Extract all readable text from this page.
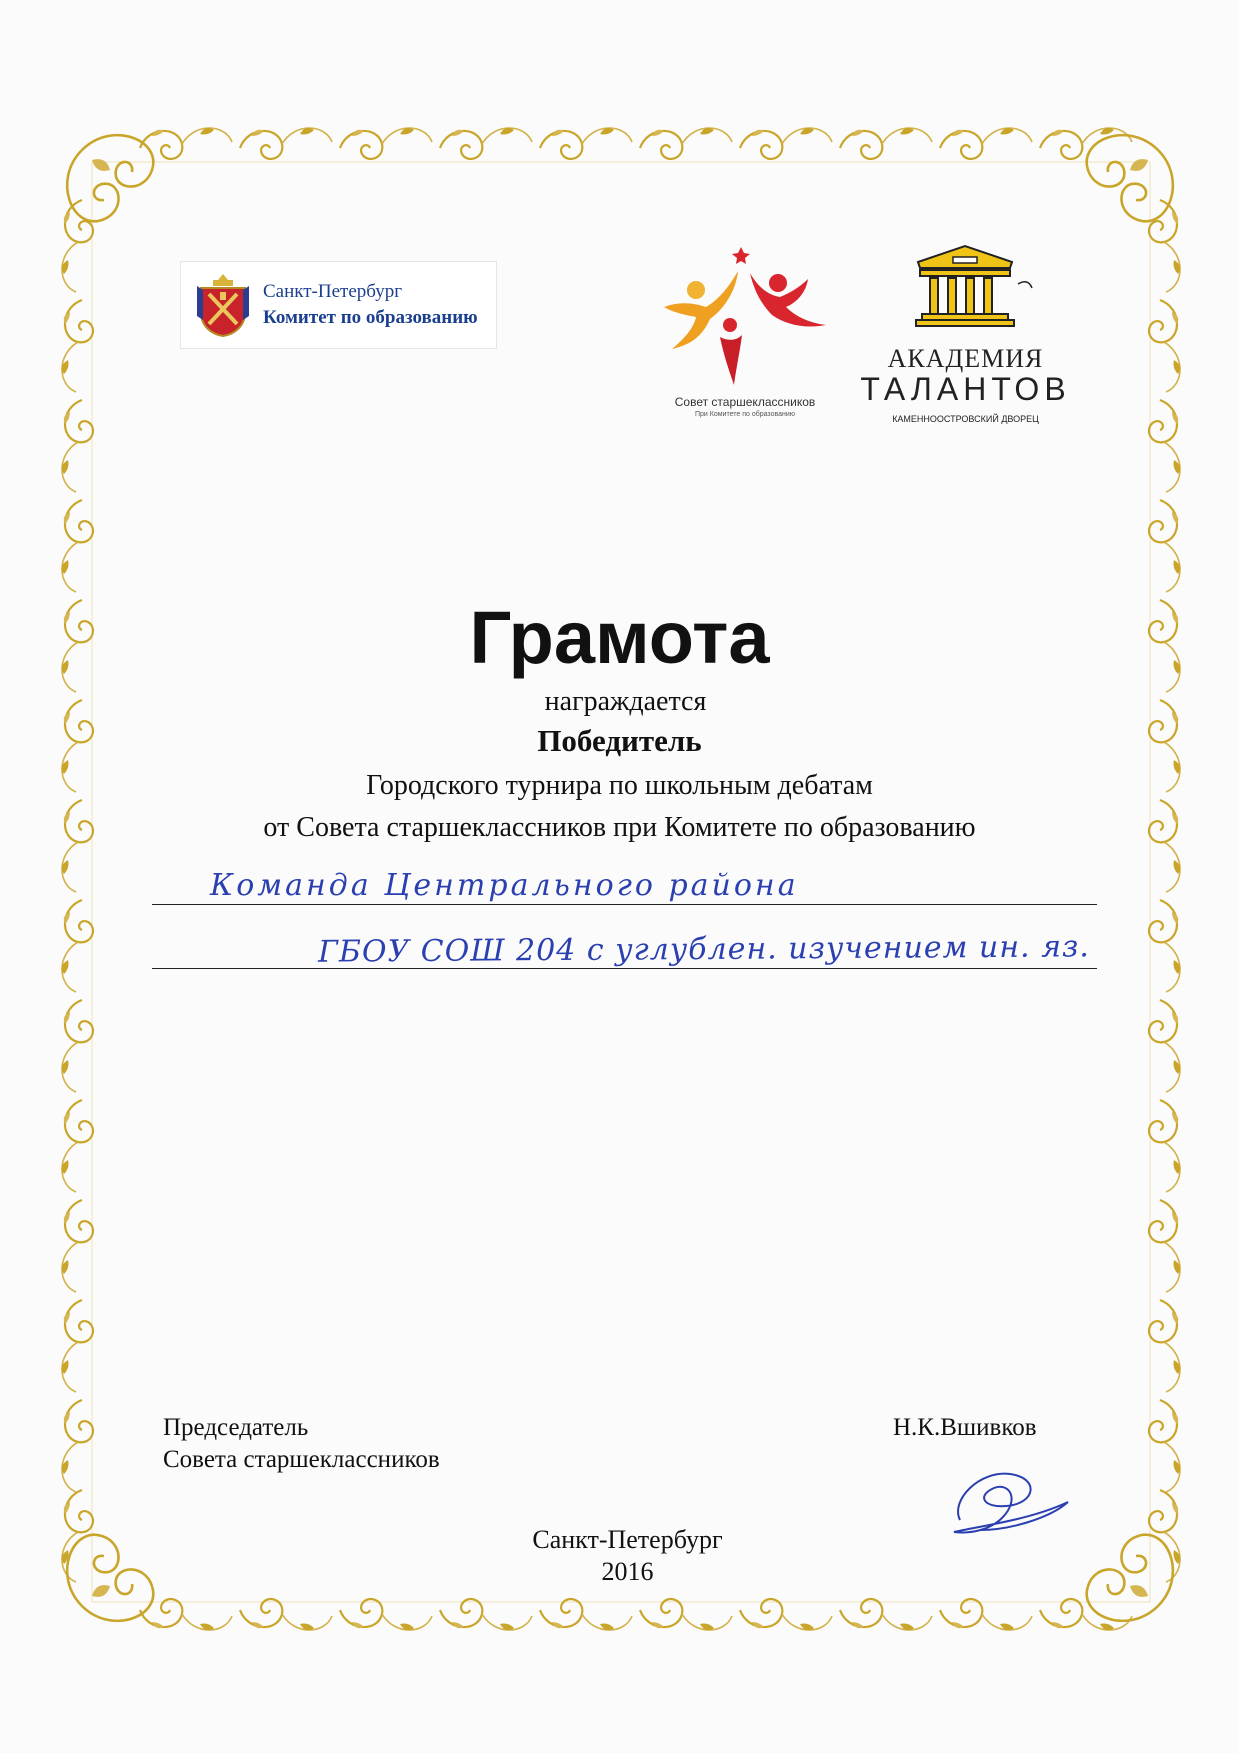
Санкт-Петербург
Комитет по образованию
Совет старшеклассников
При Комитете по образованию
АКАДЕМИЯ
ТАЛАНТОВ
КАМЕННООСТРОВСКИЙ ДВОРЕЦ
Грамота
награждается
Победитель
Городского турнира по школьным дебатам
от Совета старшеклассников при Комитете по образованию
Команда Центрального района
ГБОУ СОШ 204 с углублен. изучением ин. яз.
Председатель
Совета старшеклассников
Н.К.Вшивков
Санкт-Петербург
2016
